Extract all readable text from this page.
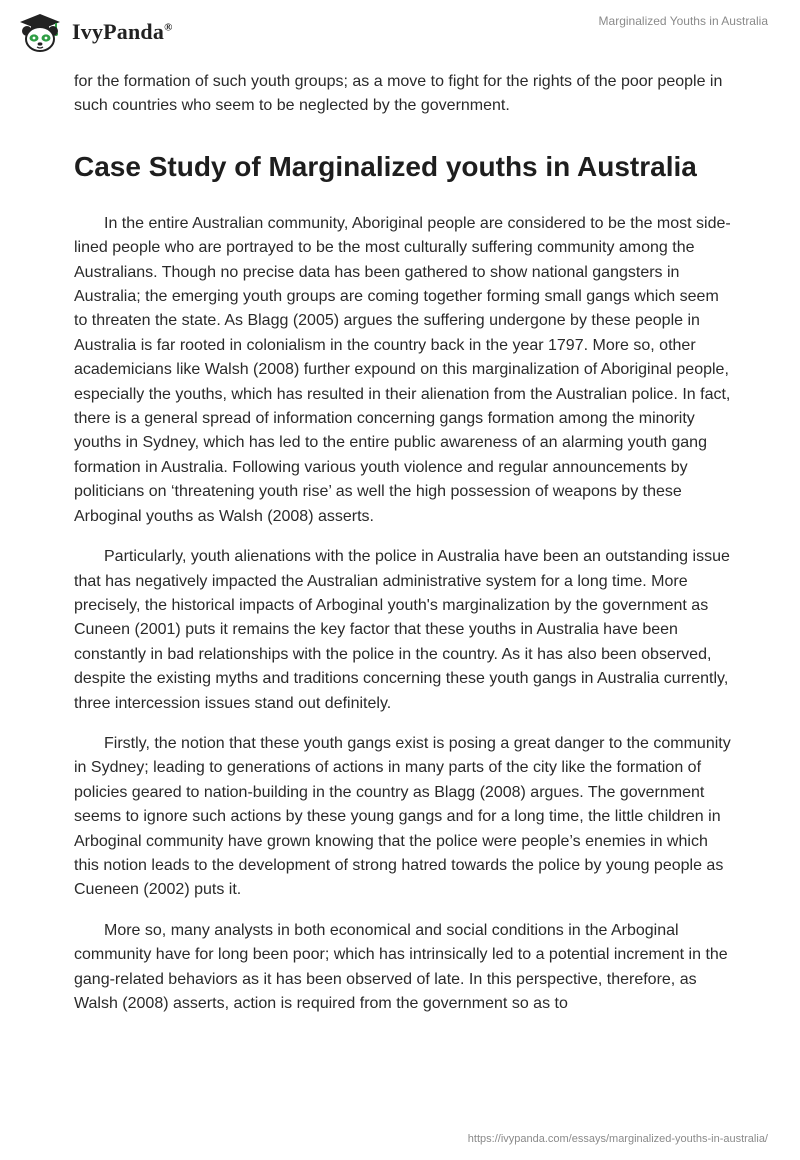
IvyPanda®	Marginalized Youths in Australia

for the formation of such youth groups; as a move to fight for the rights of the poor people in such countries who seem to be neglected by the government.

Case Study of Marginalized youths in Australia

In the entire Australian community, Aboriginal people are considered to be the most side-lined people who are portrayed to be the most culturally suffering community among the Australians. Though no precise data has been gathered to show national gangsters in Australia; the emerging youth groups are coming together forming small gangs which seem to threaten the state. As Blagg (2005) argues the suffering undergone by these people in Australia is far rooted in colonialism in the country back in the year 1797. More so, other academicians like Walsh (2008) further expound on this marginalization of Aboriginal people, especially the youths, which has resulted in their alienation from the Australian police. In fact, there is a general spread of information concerning gangs formation among the minority youths in Sydney, which has led to the entire public awareness of an alarming youth gang formation in Australia. Following various youth violence and regular announcements by politicians on ‘threatening youth rise’ as well the high possession of weapons by these Arboginal youths as Walsh (2008) asserts.

Particularly, youth alienations with the police in Australia have been an outstanding issue that has negatively impacted the Australian administrative system for a long time. More precisely, the historical impacts of Arboginal youth's marginalization by the government as Cuneen (2001) puts it remains the key factor that these youths in Australia have been constantly in bad relationships with the police in the country. As it has also been observed, despite the existing myths and traditions concerning these youth gangs in Australia currently, three intercession issues stand out definitely.

Firstly, the notion that these youth gangs exist is posing a great danger to the community in Sydney; leading to generations of actions in many parts of the city like the formation of policies geared to nation-building in the country as Blagg (2008) argues. The government seems to ignore such actions by these young gangs and for a long time, the little children in Arboginal community have grown knowing that the police were people’s enemies in which this notion leads to the development of strong hatred towards the police by young people as Cueneen (2002) puts it.

More so, many analysts in both economical and social conditions in the Arboginal community have for long been poor; which has intrinsically led to a potential increment in the gang-related behaviors as it has been observed of late. In this perspective, therefore, as Walsh (2008) asserts, action is required from the government so as to

https://ivypanda.com/essays/marginalized-youths-in-australia/
